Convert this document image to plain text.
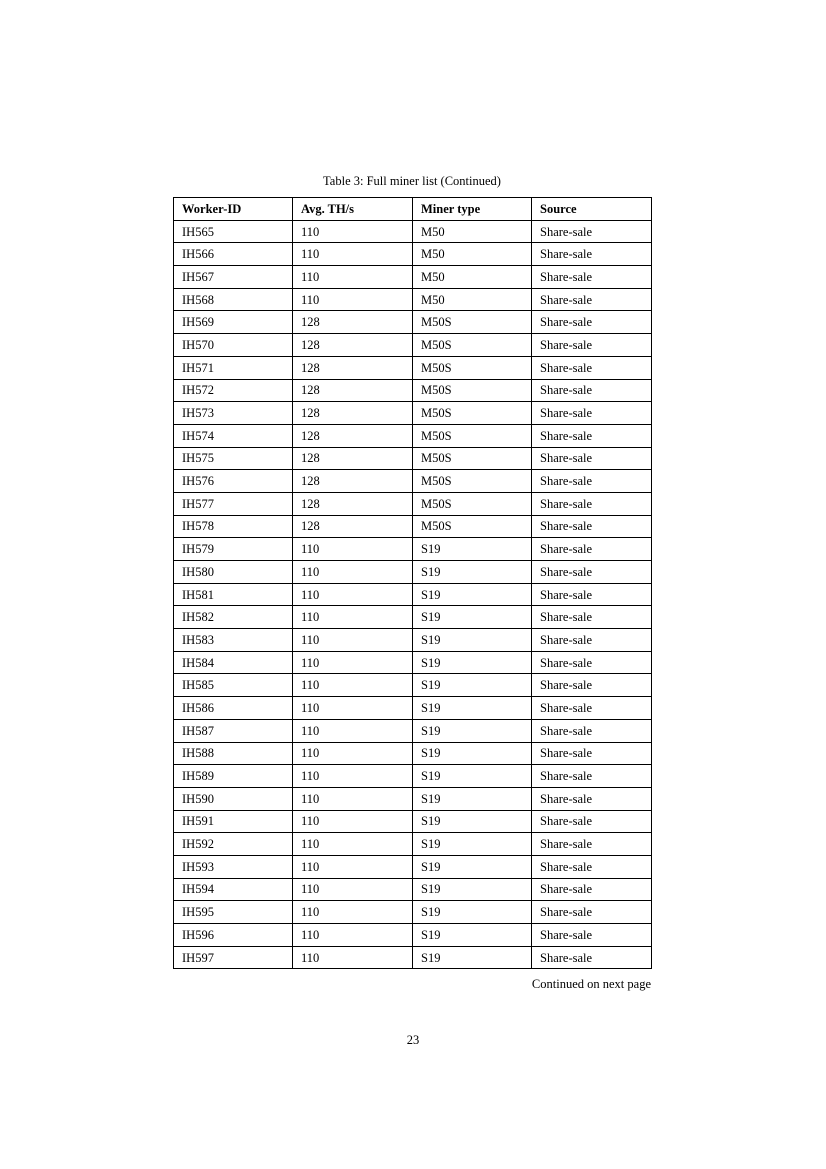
Table 3: Full miner list (Continued)
Worker-ID	Avg. TH/s	Miner type	Source
IH565	110	M50	Share-sale
IH566	110	M50	Share-sale
IH567	110	M50	Share-sale
IH568	110	M50	Share-sale
IH569	128	M50S	Share-sale
IH570	128	M50S	Share-sale
IH571	128	M50S	Share-sale
IH572	128	M50S	Share-sale
IH573	128	M50S	Share-sale
IH574	128	M50S	Share-sale
IH575	128	M50S	Share-sale
IH576	128	M50S	Share-sale
IH577	128	M50S	Share-sale
IH578	128	M50S	Share-sale
IH579	110	S19	Share-sale
IH580	110	S19	Share-sale
IH581	110	S19	Share-sale
IH582	110	S19	Share-sale
IH583	110	S19	Share-sale
IH584	110	S19	Share-sale
IH585	110	S19	Share-sale
IH586	110	S19	Share-sale
IH587	110	S19	Share-sale
IH588	110	S19	Share-sale
IH589	110	S19	Share-sale
IH590	110	S19	Share-sale
IH591	110	S19	Share-sale
IH592	110	S19	Share-sale
IH593	110	S19	Share-sale
IH594	110	S19	Share-sale
IH595	110	S19	Share-sale
IH596	110	S19	Share-sale
IH597	110	S19	Share-sale
Continued on next page
23
